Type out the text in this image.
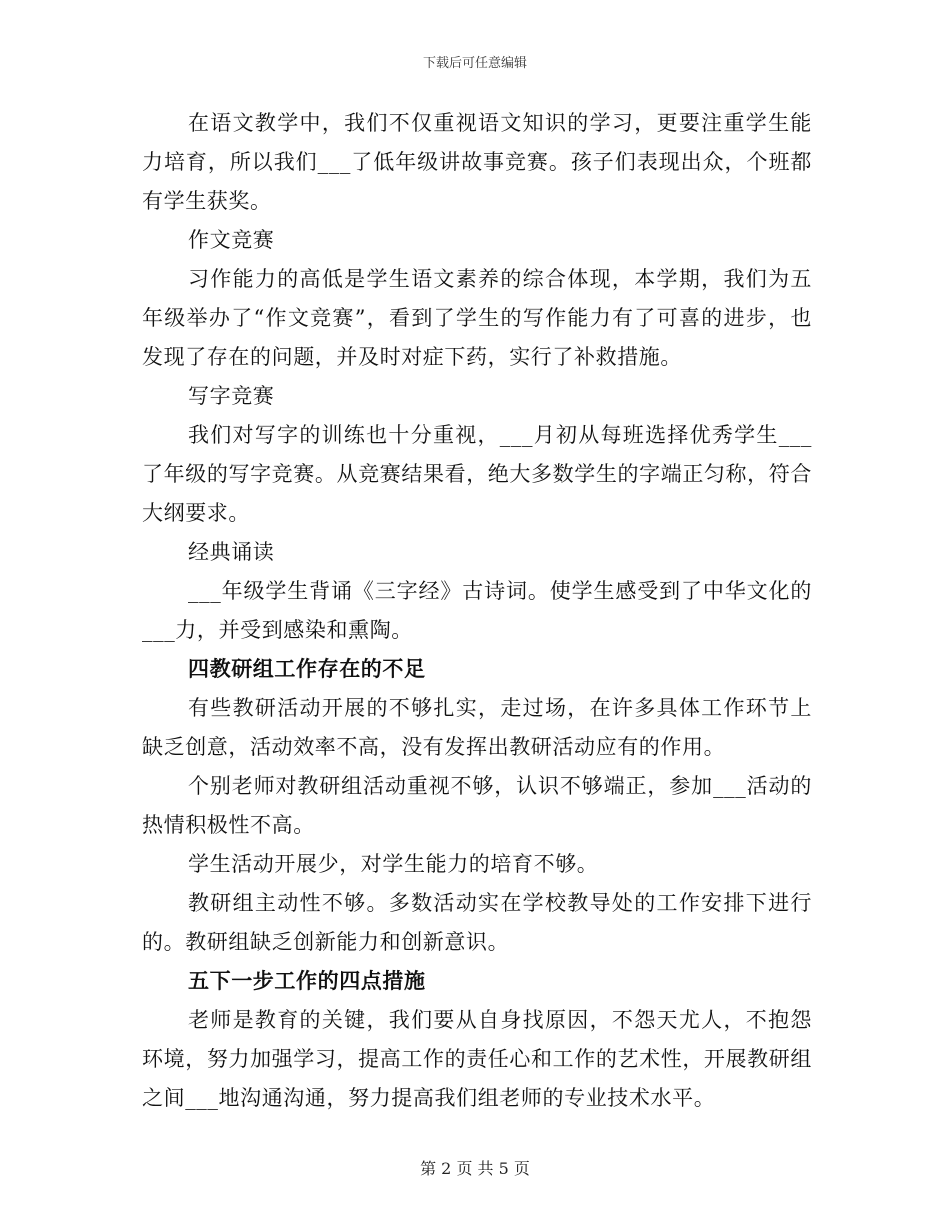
下载后可任意编辑

在语文教学中，我们不仅重视语文知识的学习，更要注重学生能力培育，所以我们___了低年级讲故事竞赛。孩子们表现出众，个班都有学生获奖。

作文竞赛

习作能力的高低是学生语文素养的综合体现，本学期，我们为五年级举办了“作文竞赛”，看到了学生的写作能力有了可喜的进步，也发现了存在的问题，并及时对症下药，实行了补救措施。

写字竞赛

我们对写字的训练也十分重视，___月初从每班选择优秀学生___了年级的写字竞赛。从竞赛结果看，绝大多数学生的字端正匀称，符合大纲要求。

经典诵读

___年级学生背诵《三字经》古诗词。使学生感受到了中华文化的___力，并受到感染和熏陶。

四教研组工作存在的不足

有些教研活动开展的不够扎实，走过场，在许多具体工作环节上缺乏创意，活动效率不高，没有发挥出教研活动应有的作用。

个别老师对教研组活动重视不够，认识不够端正，参加___活动的热情积极性不高。

学生活动开展少，对学生能力的培育不够。

教研组主动性不够。多数活动实在学校教导处的工作安排下进行的。教研组缺乏创新能力和创新意识。

五下一步工作的四点措施

老师是教育的关键，我们要从自身找原因，不怨天尤人，不抱怨环境，努力加强学习，提高工作的责任心和工作的艺术性，开展教研组之间___地沟通沟通，努力提高我们组老师的专业技术水平。

第 2 页 共 5 页
